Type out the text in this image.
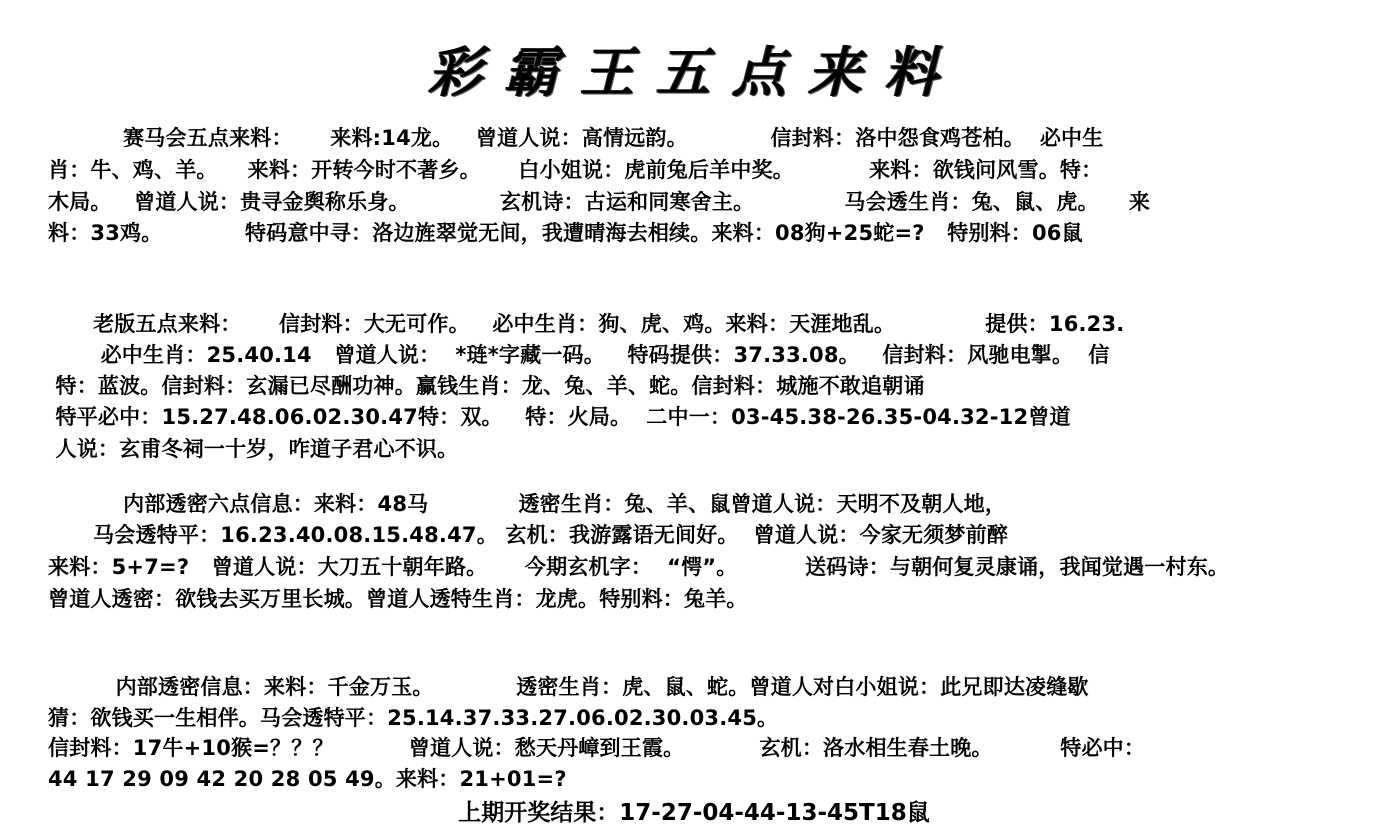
彩霸王五点来料
赛马会五点来料：     来料:14龙。   曾道人说：高情远韵。           信封料：洛中怨食鸡苍柏。  必中生
肖：牛、鸡、羊。    来料：开转今时不著乡。     白小姐说：虎前兔后羊中奖。          来料：欲钱问风雪。特：
木局。   曾道人说：贵寻金舆称乐身。            玄机诗：古运和同寒舍主。            马会透生肖：兔、鼠、虎。    来
料：33鸡。           特码意中寻：洛边旌翠觉无间，我遭晴海去相续。来料：08狗+25蛇=?   特别料：06鼠
老版五点来料：     信封料：大无可作。   必中生肖：狗、虎、鸡。来料：天涯地乱。            提供：16.23.
必中生肖：25.40.14   曾道人说：  *琏*字藏一码。   特码提供：37.33.08。   信封料：风驰电掣。  信
特：蓝波。信封料：玄漏已尽酬功神。赢钱生肖：龙、兔、羊、蛇。信封料：城施不敢追朝诵
特平必中：15.27.48.06.02.30.47特：双。   特：火局。  二中一：03-45.38-26.35-04.32-12曾道
人说：玄甫冬祠一十岁，咋道子君心不识。
内部透密六点信息：来料：48马            透密生肖：兔、羊、鼠曾道人说：天明不及朝人地，
马会透特平：16.23.40.08.15.48.47。 玄机：我游露语无间好。  曾道人说：今家无须梦前醉
来料：5+7=?   曾道人说：大刀五十朝年路。     今期玄机字：  “愕”。         送码诗：与朝何复灵康诵，我闻觉遇一村东。
曾道人透密：欲钱去买万里长城。曾道人透特生肖：龙虎。特别料：兔羊。
内部透密信息：来料：千金万玉。           透密生肖：虎、鼠、蛇。曾道人对白小姐说：此兄即达凌缝歇
猜：欲钱买一生相伴。马会透特平：25.14.37.33.27.06.02.30.03.45。
信封料：17牛+10猴=？？？          曾道人说：愁天丹嶂到王霞。          玄机：洛水相生春土晚。         特必中：
44 17 29 09 42 20 28 05 49。来料：21+01=?
上期开奖结果：17-27-04-44-13-45T18鼠
